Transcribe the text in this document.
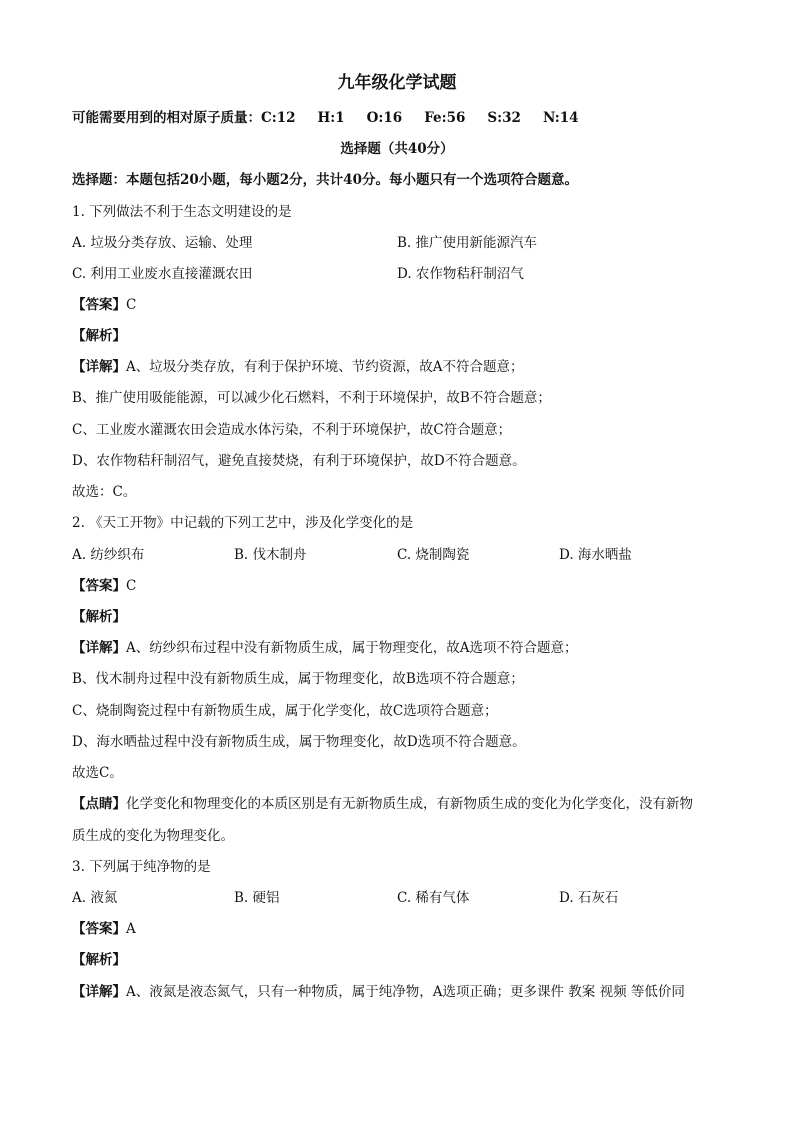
九年级化学试题
可能需要用到的相对原子质量：C:12 H:1 O:16 Fe:56 S:32 N:14
选择题（共40分）
选择题：本题包括20小题，每小题2分，共计40分。每小题只有一个选项符合题意。
1. 下列做法不利于生态文明建设的是
A. 垃圾分类存放、运输、处理	B. 推广使用新能源汽车
C. 利用工业废水直接灌溉农田	D. 农作物秸秆制沼气
【答案】C
【解析】
【详解】A、垃圾分类存放，有利于保护环境、节约资源，故A不符合题意；
B、推广使用吸能能源，可以减少化石燃料，不利于环境保护，故B不符合题意；
C、工业废水灌溉农田会造成水体污染，不利于环境保护，故C符合题意；
D、农作物秸秆制沼气，避免直接焚烧，有利于环境保护，故D不符合题意。
故选：C。
2. 《天工开物》中记载的下列工艺中，涉及化学变化的是
A. 纺纱织布	B. 伐木制舟	C. 烧制陶瓷	D. 海水晒盐
【答案】C
【解析】
【详解】A、纺纱织布过程中没有新物质生成，属于物理变化，故A选项不符合题意；
B、伐木制舟过程中没有新物质生成，属于物理变化，故B选项不符合题意；
C、烧制陶瓷过程中有新物质生成，属于化学变化，故C选项符合题意；
D、海水晒盐过程中没有新物质生成，属于物理变化，故D选项不符合题意。
故选C。
【点睛】化学变化和物理变化的本质区别是有无新物质生成，有新物质生成的变化为化学变化，没有新物
质生成的变化为物理变化。
3. 下列属于纯净物的是
A. 液氮	B. 硬铝	C. 稀有气体	D. 石灰石
【答案】A
【解析】
【详解】A、液氮是液态氮气，只有一种物质，属于纯净物，A选项正确；更多课件 教案 视频 等低价同
